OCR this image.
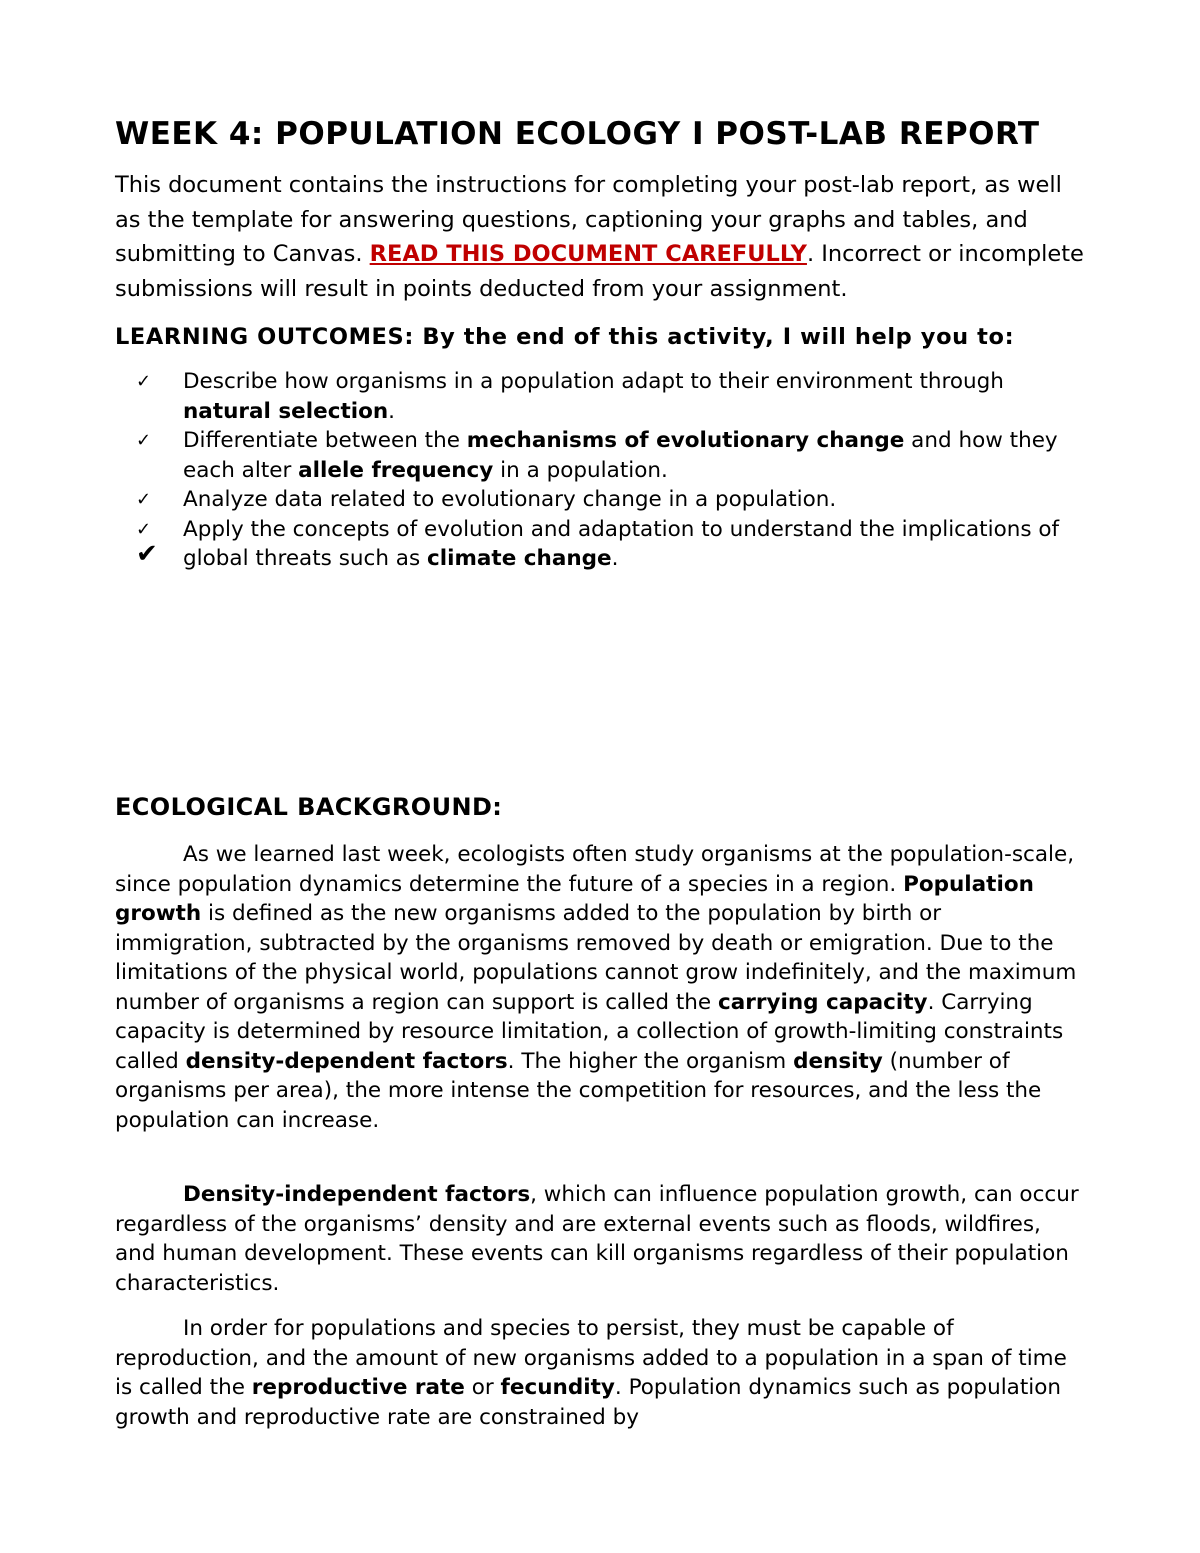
WEEK 4: POPULATION ECOLOGY I POST-LAB REPORT

This document contains the instructions for completing your post-lab report, as well as the template for answering questions, captioning your graphs and tables, and submitting to Canvas. READ THIS DOCUMENT CAREFULLY. Incorrect or incomplete submissions will result in points deducted from your assignment.

LEARNING OUTCOMES: By the end of this activity, I will help you to:

✓ Describe how organisms in a population adapt to their environment through
natural selection.
✓ Differentiate between the mechanisms of evolutionary change and how they each alter allele frequency in a population.
✓ Analyze data related to evolutionary change in a population.
✓ Apply the concepts of evolution and adaptation to understand the implications of
✔ global threats such as climate change.
ECOLOGICAL BACKGROUND:

As we learned last week, ecologists often study organisms at the population-scale, since population dynamics determine the future of a species in a region. Population growth is defined as the new organisms added to the population by birth or immigration, subtracted by the organisms removed by death or emigration. Due to the limitations of the physical world, populations cannot grow indefinitely, and the maximum number of organisms a region can support is called the carrying capacity. Carrying capacity is determined by resource limitation, a collection of growth-limiting constraints called density-dependent factors. The higher the organism density (number of organisms per area), the more intense the competition for resources, and the less the population can increase.

Density-independent factors, which can influence population growth, can occur regardless of the organisms’ density and are external events such as floods, wildfires, and human development. These events can kill organisms regardless of their population characteristics.

In order for populations and species to persist, they must be capable of reproduction, and the amount of new organisms added to a population in a span of time is called the reproductive rate or fecundity. Population dynamics such as population growth and reproductive rate are constrained by
